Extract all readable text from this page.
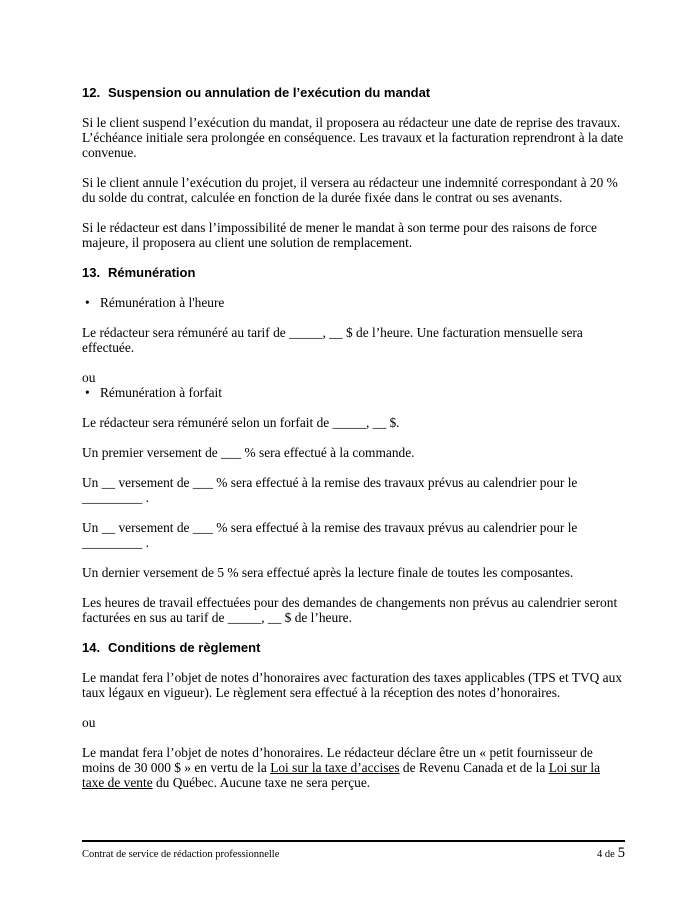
12. Suspension ou annulation de l’exécution du mandat

Si le client suspend l’exécution du mandat, il proposera au rédacteur une date de reprise des travaux. L’échéance initiale sera prolongée en conséquence. Les travaux et la facturation reprendront à la date convenue.

Si le client annule l’exécution du projet, il versera au rédacteur une indemnité correspondant à 20 % du solde du contrat, calculée en fonction de la durée fixée dans le contrat ou ses avenants.

Si le rédacteur est dans l’impossibilité de mener le mandat à son terme pour des raisons de force majeure, il proposera au client une solution de remplacement.

13. Rémunération
• Rémunération à l'heure

Le rédacteur sera rémunéré au tarif de _____, __ $ de l’heure. Une facturation mensuelle sera effectuée.

ou

• Rémunération à forfait

Le rédacteur sera rémunéré selon un forfait de _____, __ $.

Un premier versement de ___ % sera effectué à la commande.

Un __ versement de ___ % sera effectué à la remise des travaux prévus au calendrier pour le _________ .

Un __ versement de ___ % sera effectué à la remise des travaux prévus au calendrier pour le _________ .

Un dernier versement de 5 % sera effectué après la lecture finale de toutes les composantes.

Les heures de travail effectuées pour des demandes de changements non prévus au calendrier seront facturées en sus au tarif de _____, __ $ de l’heure.

14. Conditions de règlement

Le mandat fera l’objet de notes d’honoraires avec facturation des taxes applicables (TPS et TVQ aux taux légaux en vigueur). Le règlement sera effectué à la réception des notes d’honoraires.

ou

Le mandat fera l’objet de notes d’honoraires. Le rédacteur déclare être un « petit fournisseur de moins de 30 000 $ » en vertu de la Loi sur la taxe d’accises de Revenu Canada et de la Loi sur la taxe de vente du Québec. Aucune taxe ne sera perçue.

Contrat de service de rédaction professionnelle	4 de 5
